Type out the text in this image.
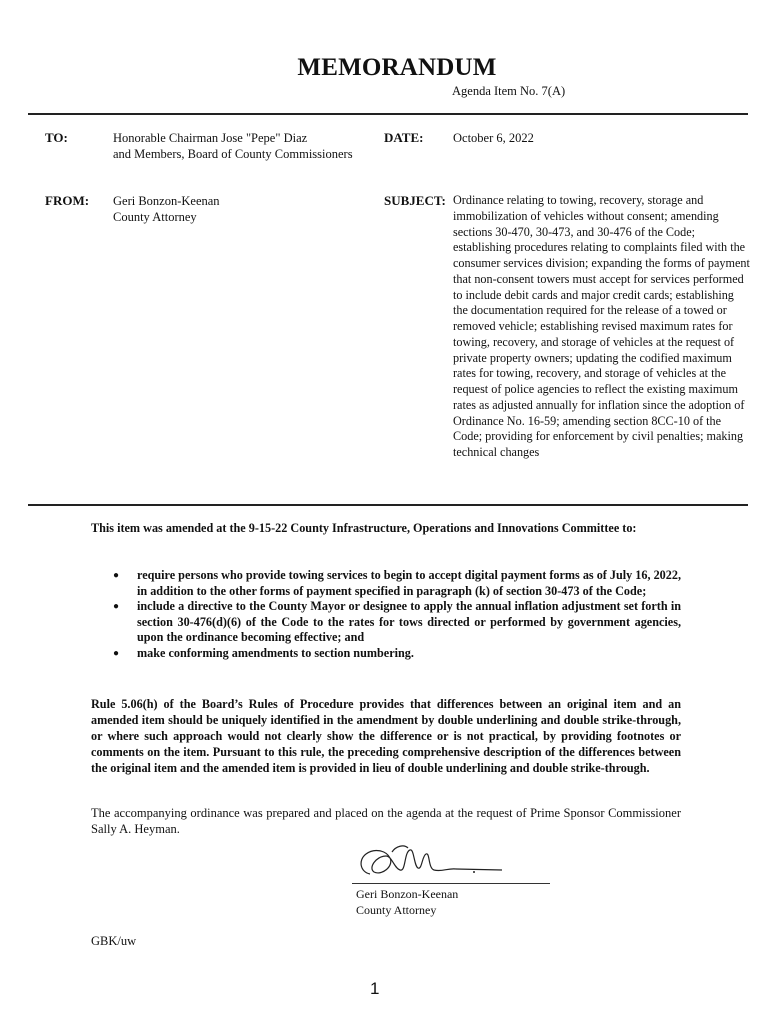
MEMORANDUM
Agenda Item No. 7(A)
TO:	Honorable Chairman Jose "Pepe" Diaz
and Members, Board of County Commissioners
DATE: October 6, 2022
FROM: Geri Bonzon-Keenan
County Attorney
SUBJECT: Ordinance relating to towing, recovery, storage and immobilization of vehicles without consent; amending sections 30-470, 30-473, and 30-476 of the Code; establishing procedures relating to complaints filed with the consumer services division; expanding the forms of payment that non-consent towers must accept for services performed to include debit cards and major credit cards; establishing the documentation required for the release of a towed or removed vehicle; establishing revised maximum rates for towing, recovery, and storage of vehicles at the request of private property owners; updating the codified maximum rates for towing, recovery, and storage of vehicles at the request of police agencies to reflect the existing maximum rates as adjusted annually for inflation since the adoption of Ordinance No. 16-59; amending section 8CC-10 of the Code; providing for enforcement by civil penalties; making technical changes
This item was amended at the 9-15-22 County Infrastructure, Operations and Innovations Committee to:
● require persons who provide towing services to begin to accept digital payment forms as of July 16, 2022, in addition to the other forms of payment specified in paragraph (k) of section 30-473 of the Code;
● include a directive to the County Mayor or designee to apply the annual inflation adjustment set forth in section 30-476(d)(6) of the Code to the rates for tows directed or performed by government agencies, upon the ordinance becoming effective; and
● make conforming amendments to section numbering.
Rule 5.06(h) of the Board’s Rules of Procedure provides that differences between an original item and an amended item should be uniquely identified in the amendment by double underlining and double strike-through, or where such approach would not clearly show the difference or is not practical, by providing footnotes or comments on the item. Pursuant to this rule, the preceding comprehensive description of the differences between the original item and the amended item is provided in lieu of double underlining and double strike-through.
The accompanying ordinance was prepared and placed on the agenda at the request of Prime Sponsor Commissioner Sally A. Heyman.
Geri Bonzon-Keenan
County Attorney
GBK/uw
1
